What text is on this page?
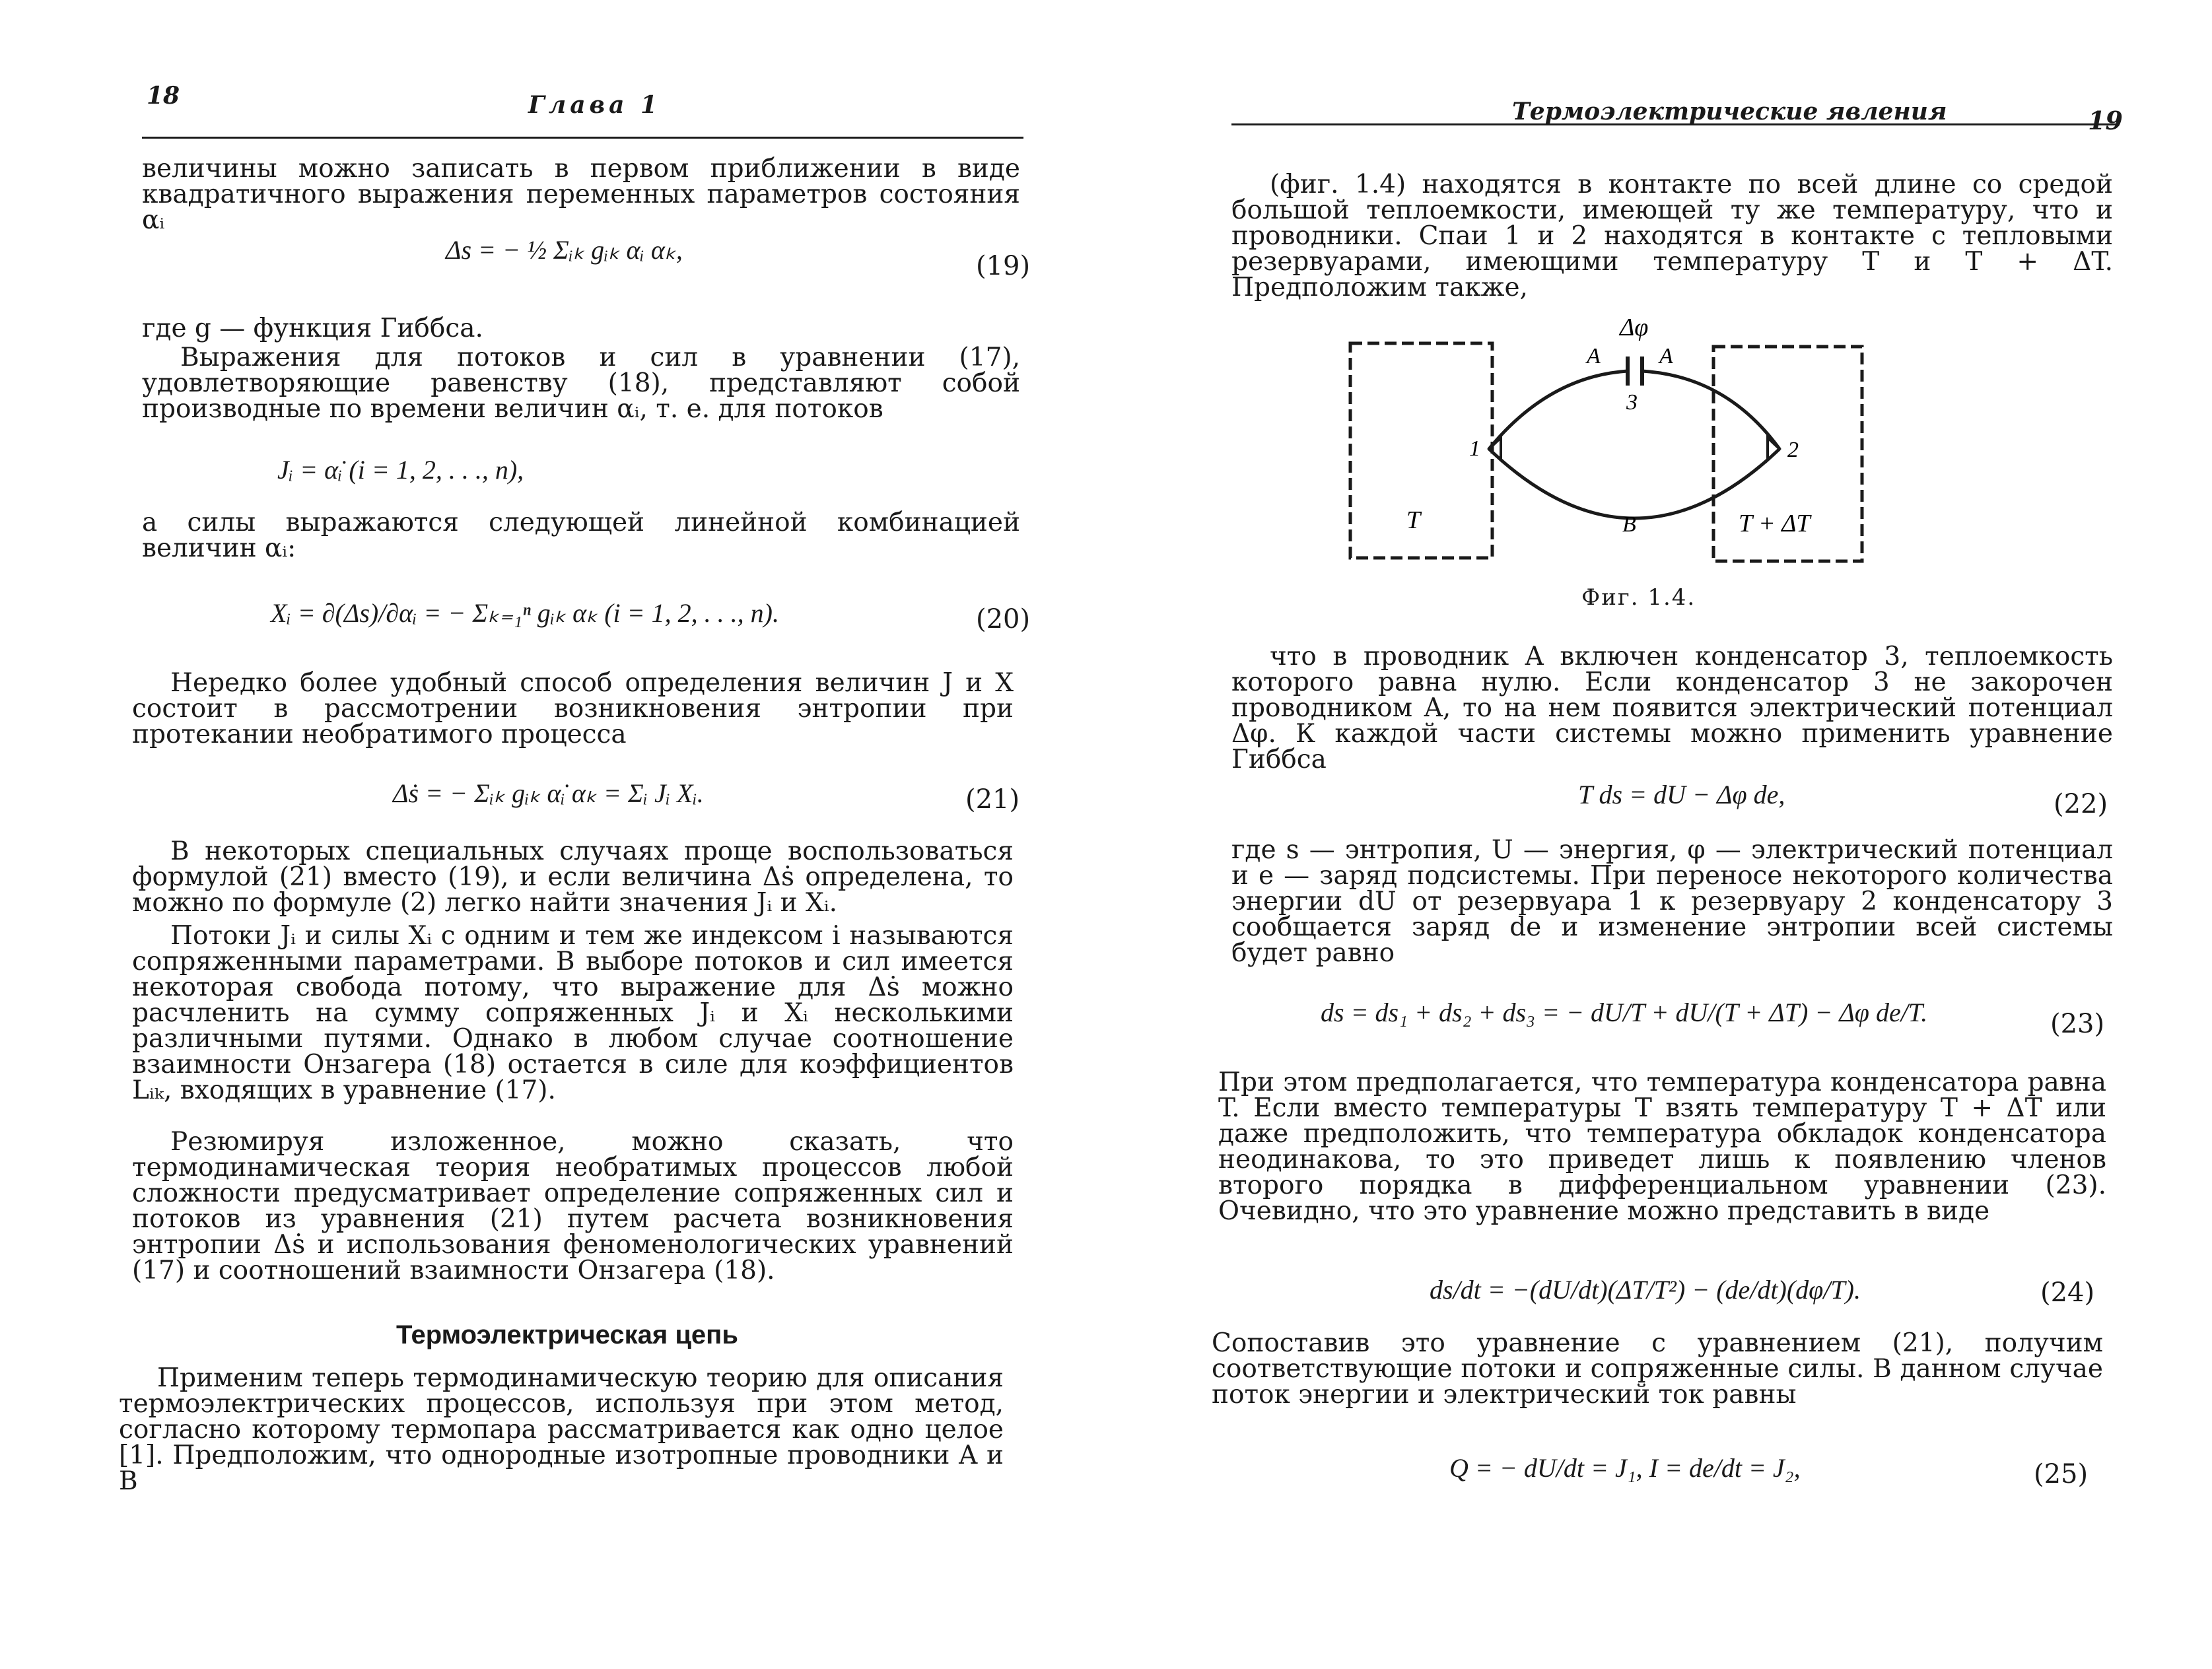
18	Глава 1

величины можно записать в первом приближении в виде квадратичного выражения переменных параметров состояния αᵢ

Δs = − ½ Σᵢₖ gᵢₖ αᵢ αₖ,
(19)

где g — функция Гиббса.

Выражения для потоков и сил в уравнении (17), удовлетворяющие равенству (18), представляют собой производные по времени величин αᵢ, т. е. для потоков

Jᵢ = α̇ᵢ (i = 1, 2, . . ., n),

а силы выражаются следующей линейной комбинацией величин αᵢ:

Xᵢ = ∂(Δs)/∂αᵢ = − Σₖ₌₁ⁿ gᵢₖ αₖ (i = 1, 2, . . ., n).	(20)

Нередко более удобный способ определения величин J и X состоит в рассмотрении возникновения энтропии при протекании необратимого процесса

Δṡ = − Σᵢₖ gᵢₖ α̇ᵢ αₖ = Σᵢ Jᵢ Xᵢ.	(21)

В некоторых специальных случаях проще воспользоваться формулой (21) вместо (19), и если величина Δṡ определена, то можно по формуле (2) легко найти значения Jᵢ и Xᵢ.

Потоки Jᵢ и силы Xᵢ с одним и тем же индексом i называются сопряженными параметрами. В выборе потоков и сил имеется некоторая свобода потому, что выражение для Δṡ можно расчленить на сумму сопряженных Jᵢ и Xᵢ несколькими различными путями. Однако в любом случае соотношение взаимности Онзагера (18) остается в силе для коэффициентов Lᵢₖ, входящих в уравнение (17).

Резюмируя изложенное, можно сказать, что термодинамическая теория необратимых процессов любой сложности предусматривает определение сопряженных сил и потоков из уравнения (21) путем расчета возникновения энтропии Δṡ и использования феноменологических уравнений (17) и соотношений взаимности Онзагера (18).

Термоэлектрическая цепь

Применим теперь термодинамическую теорию для описания термоэлектрических процессов, используя при этом метод, согласно которому термопара рассматривается как одно целое [1]. Предположим, что однородные изотропные проводники A и B

Термоэлектрические явления	19

(фиг. 1.4) находятся в контакте по всей длине со средой большой теплоемкости, имеющей ту же температуру, что и проводники. Спаи 1 и 2 находятся в контакте с тепловыми резервуарами, имеющими температуру T и T + ΔT. Предположим также,

Δφ
A	A
3
1	2
B
T	T + ΔT
Фиг. 1.4.

что в проводник A включен конденсатор 3, теплоемкость которого равна нулю. Если конденсатор 3 не закорочен проводником A, то на нем появится электрический потенциал Δφ. К каждой части системы можно применить уравнение Гиббса

T ds = dU − Δφ de,	(22)

где s — энтропия, U — энергия, φ — электрический потенциал и e — заряд подсистемы. При переносе некоторого количества энергии dU от резервуара 1 к резервуару 2 конденсатору 3 сообщается заряд de и изменение энтропии всей системы будет равно

ds = ds₁ + ds₂ + ds₃ = − dU/T + dU/(T + ΔT) − Δφ de/T.	(23)

При этом предполагается, что температура конденсатора равна T. Если вместо температуры T взять температуру T + ΔT или даже предположить, что температура обкладок конденсатора неодинакова, то это приведет лишь к появлению членов второго порядка в дифференциальном уравнении (23). Очевидно, что это уравнение можно представить в виде

ds/dt = −(dU/dt)(ΔT/T²) − (de/dt)(dφ/T).	(24)

Сопоставив это уравнение с уравнением (21), получим соответствующие потоки и сопряженные силы. В данном случае поток энергии и электрический ток равны

Q = − dU/dt = J₁, I = de/dt = J₂,	(25)
